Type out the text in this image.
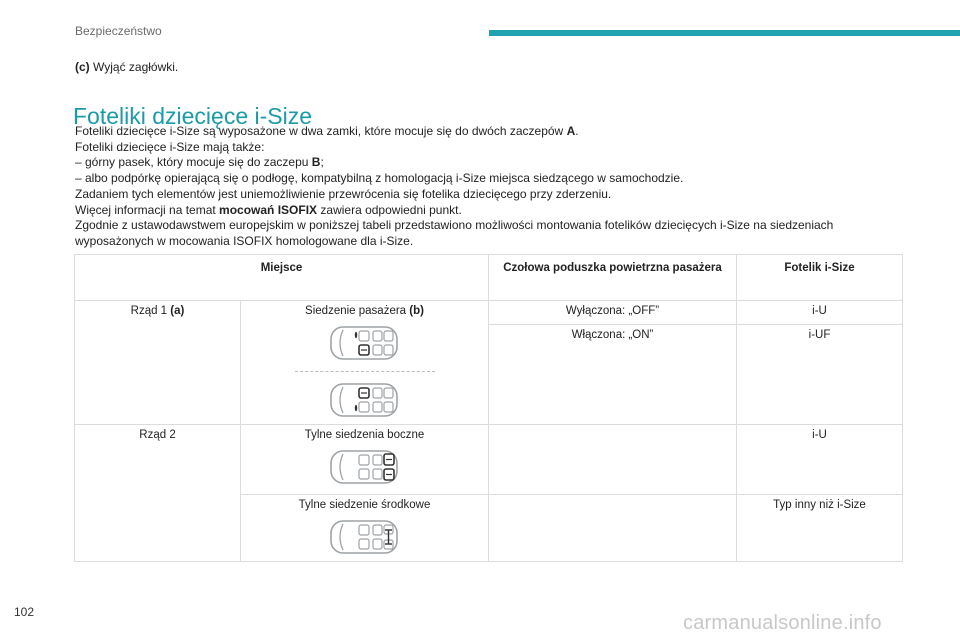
Bezpieczeństwo
(c) Wyjąć zagłówki.
Foteliki dziecięce i-Size

Foteliki dziecięce i-Size są wyposażone w dwa zamki, które mocuje się do dwóch zaczepów A.

Foteliki dziecięce i-Size mają także:

– górny pasek, który mocuje się do zaczepu B;

– albo podpórkę opierającą się o podłogę, kompatybilną z homologacją i-Size miejsca siedzącego w samochodzie.

Zadaniem tych elementów jest uniemożliwienie przewrócenia się fotelika dziecięcego przy zderzeniu.

Więcej informacji na temat mocowań ISOFIX zawiera odpowiedni punkt.

Zgodnie z ustawodawstwem europejskim w poniższej tabeli przedstawiono możliwości montowania fotelików dziecięcych i-Size na siedzeniach wyposażonych w mocowania ISOFIX homologowane dla i-Size.

Miejsce		Czołowa poduszka powietrzna pasażera	Fotelik i-Size
Rząd 1 (a)	Siedzenie pasażera (b)	Wyłączona: „OFF”	i-U
		Włączona: „ON”	i-UF
Rząd 2	Tylne siedzenia boczne		i-U

	Tylne siedzenie środkowe		Typ inny niż i-Size
102	carmanualsonline.info
